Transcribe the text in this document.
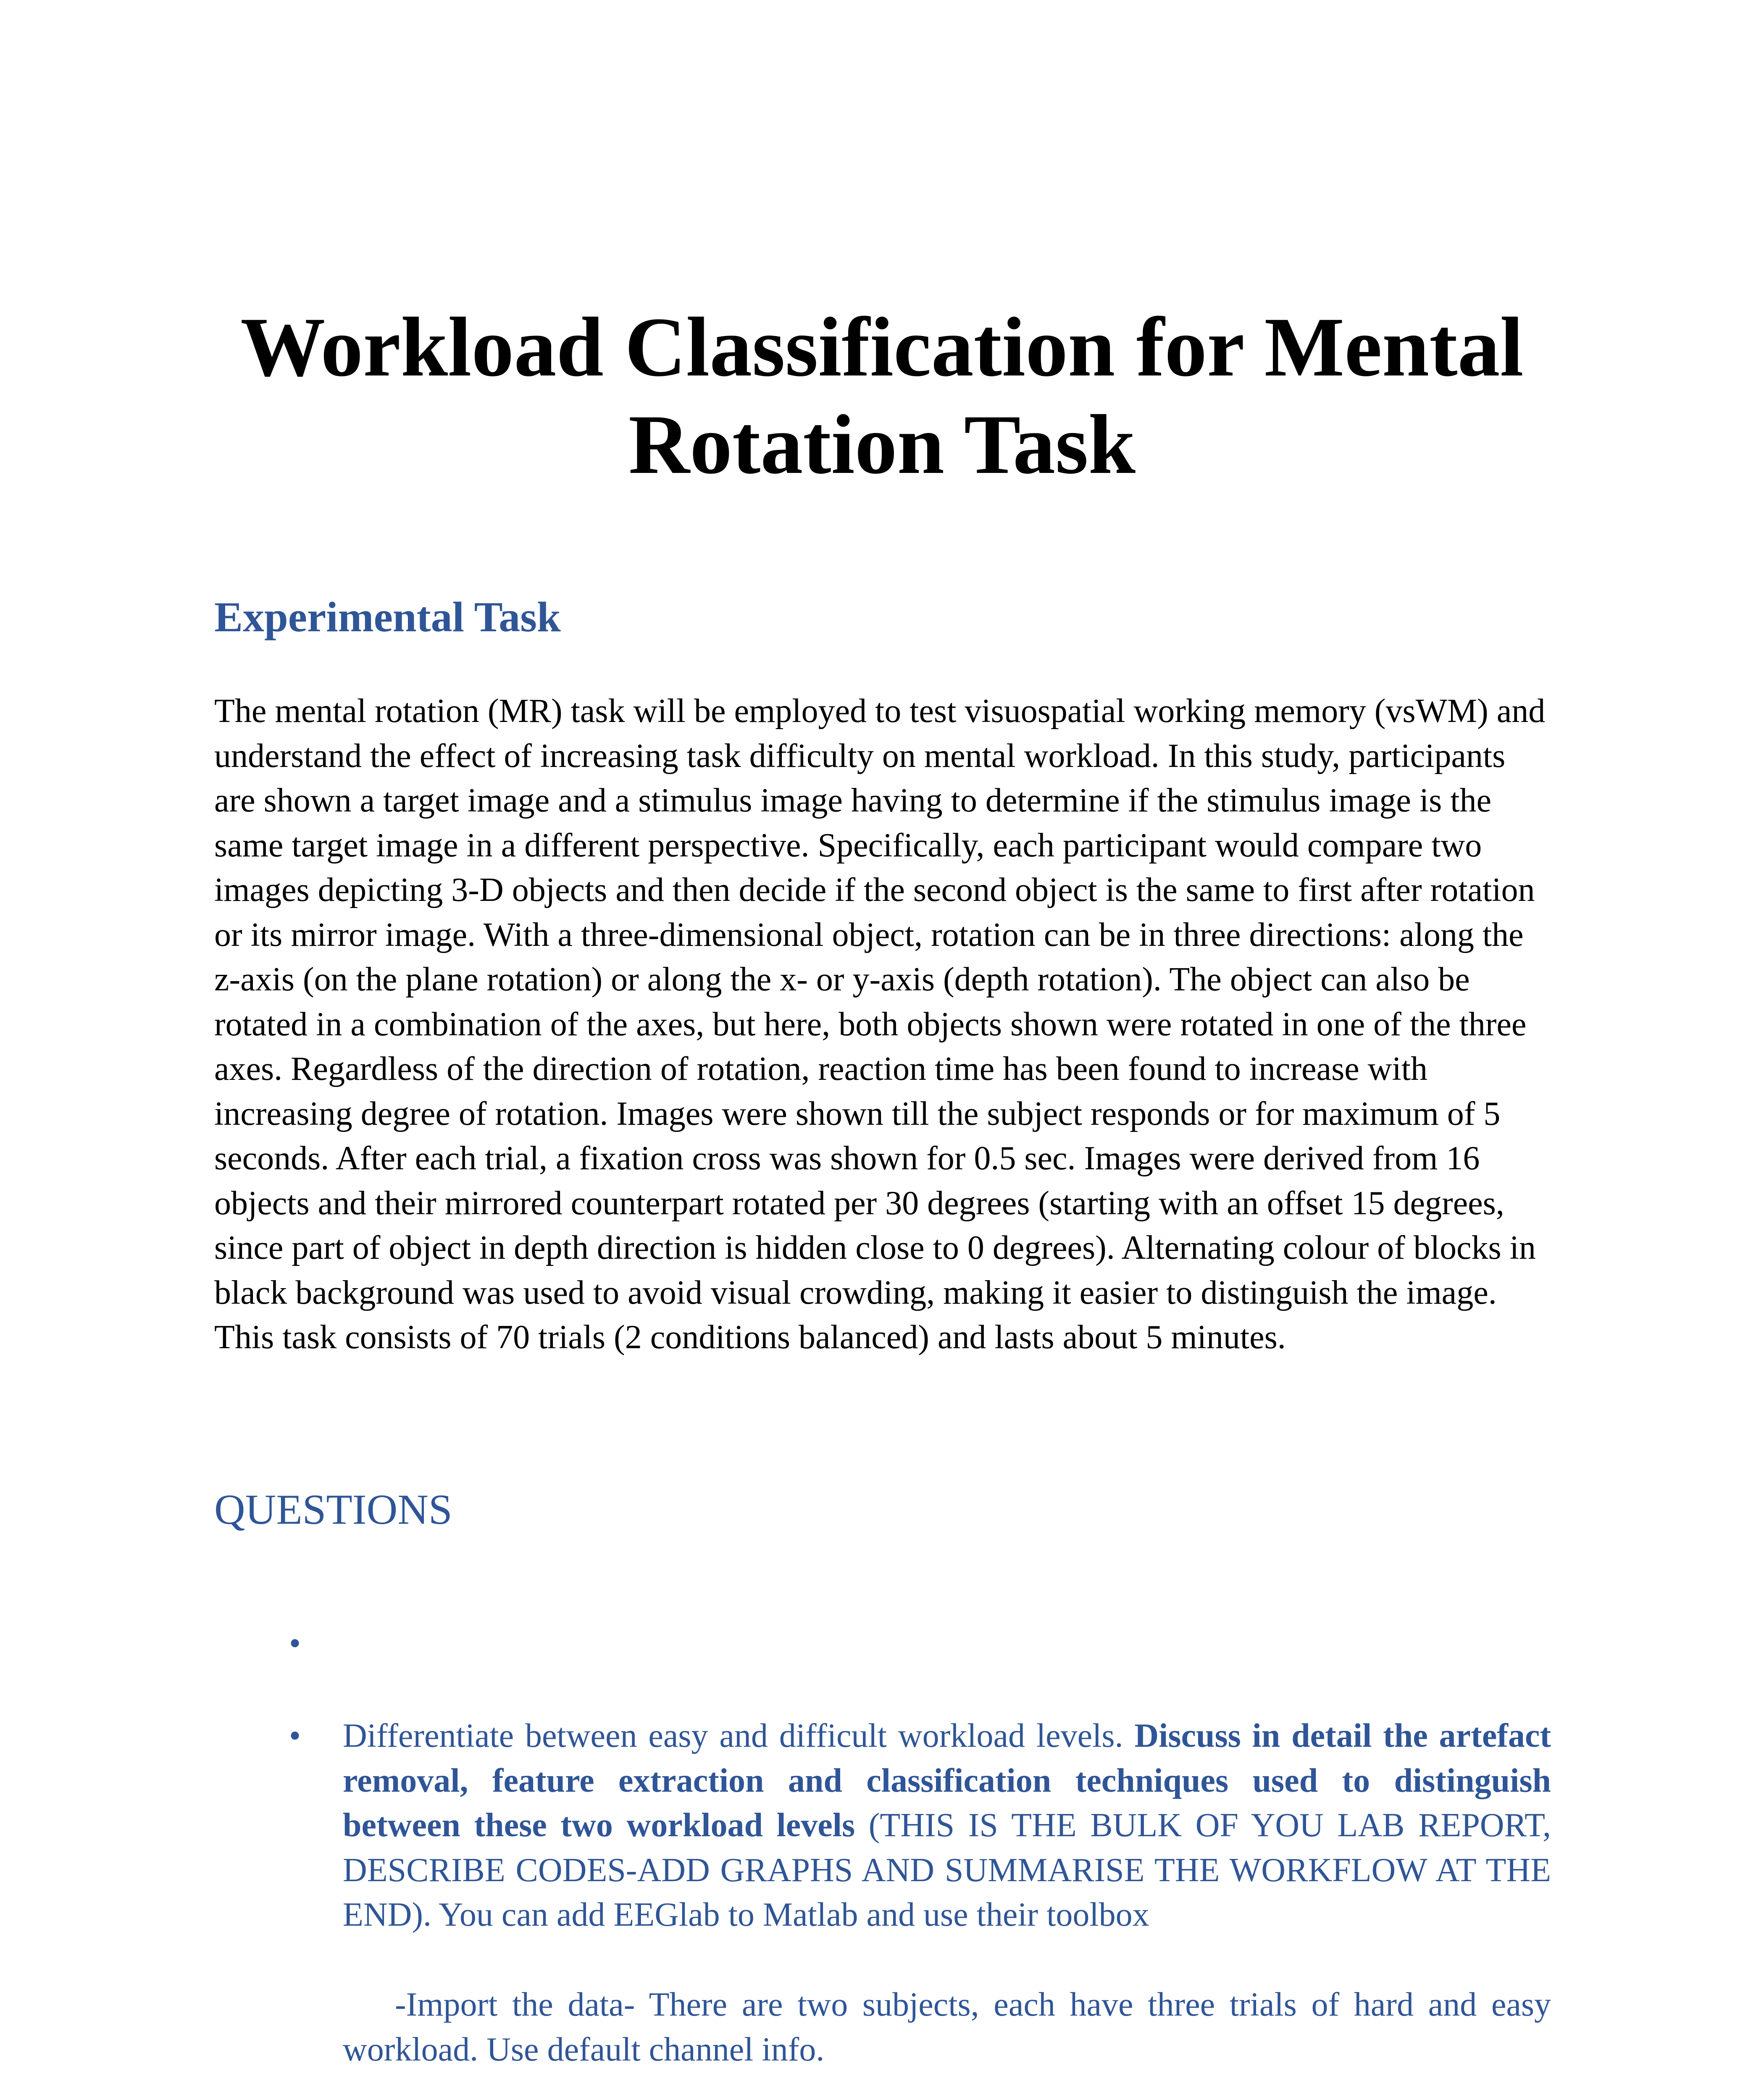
Workload Classification for Mental
Rotation Task
Experimental Task

The mental rotation (MR) task will be employed to test visuospatial working memory (vsWM) and understand the effect of increasing task difficulty on mental workload. In this study, participants are shown a target image and a stimulus image having to determine if the stimulus image is the same target image in a different perspective. Specifically, each participant would compare two images depicting 3-D objects and then decide if the second object is the same to first after rotation or its mirror image. With a three-dimensional object, rotation can be in three directions: along the z-axis (on the plane rotation) or along the x- or y-axis (depth rotation). The object can also be rotated in a combination of the axes, but here, both objects shown were rotated in one of the three axes. Regardless of the direction of rotation, reaction time has been found to increase with increasing degree of rotation. Images were shown till the subject responds or for maximum of 5 seconds. After each trial, a fixation cross was shown for 0.5 sec. Images were derived from 16 objects and their mirrored counterpart rotated per 30 degrees (starting with an offset 15 degrees, since part of object in depth direction is hidden close to 0 degrees). Alternating colour of blocks in black background was used to avoid visual crowding, making it easier to distinguish the image. This task consists of 70 trials (2 conditions balanced) and lasts about 5 minutes.

QUESTIONS
•
• Differentiate between easy and difficult workload levels. Discuss in detail the artefact removal, feature extraction and classification techniques used to distinguish between these two workload levels (THIS IS THE BULK OF YOU LAB REPORT, DESCRIBE CODES-ADD GRAPHS AND SUMMARISE THE WORKFLOW AT THE END). You can add EEGlab to Matlab and use their toolbox

-Import the data- There are two subjects, each have three trials of hard and easy workload. Use default channel info.
